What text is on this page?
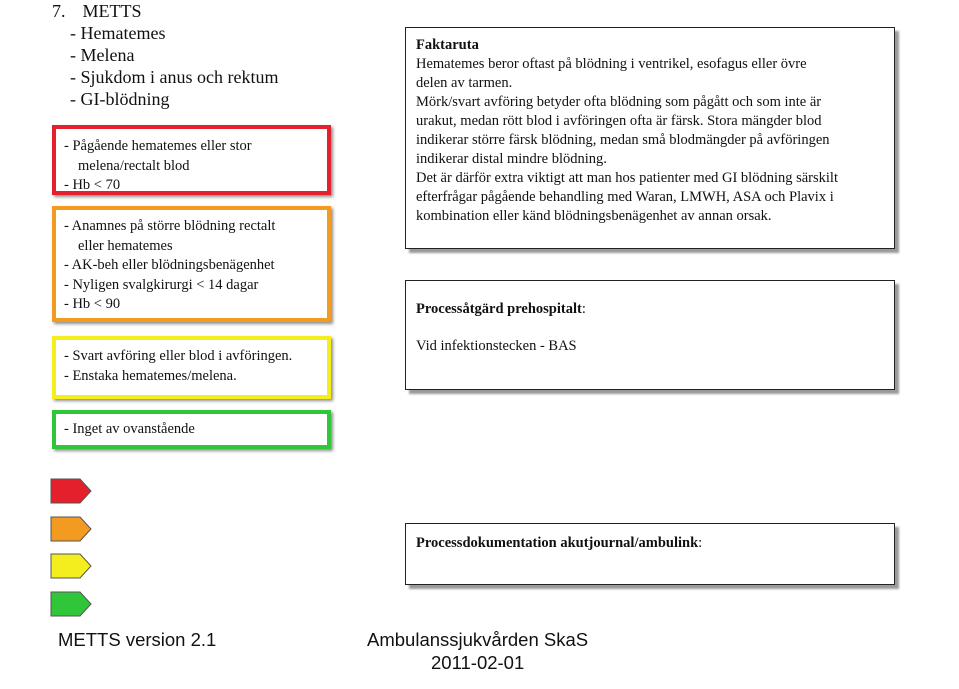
7. METTS
- Hematemes
- Melena
- Sjukdom i anus och rektum
- GI-blödning
- Pågående hematemes eller stor
melena/rectalt blod
- Hb < 70
- Anamnes på större blödning rectalt
eller hematemes
- AK-beh eller blödningsbenägenhet
- Nyligen svalgkirurgi < 14 dagar
- Hb < 90
- Svart avföring eller blod i avföringen.
- Enstaka hematemes/melena.
- Inget av ovanstående
Faktaruta
Hematemes beror oftast på blödning i ventrikel, esofagus eller övre
delen av tarmen.
Mörk/svart avföring betyder ofta blödning som pågått och som inte är
urakut, medan rött blod i avföringen ofta är färsk. Stora mängder blod
indikerar större färsk blödning, medan små blodmängder på avföringen
indikerar distal mindre blödning.
Det är därför extra viktigt att man hos patienter med GI blödning särskilt
efterfrågar pågående behandling med Waran, LMWH, ASA och Plavix i
kombination eller känd blödningsbenägenhet av annan orsak.
Processåtgärd prehospitalt:
Vid infektionstecken - BAS
Processdokumentation akutjournal/ambulink:
METTS version 2.1	Ambulanssjukvården SkaS
2011-02-01
